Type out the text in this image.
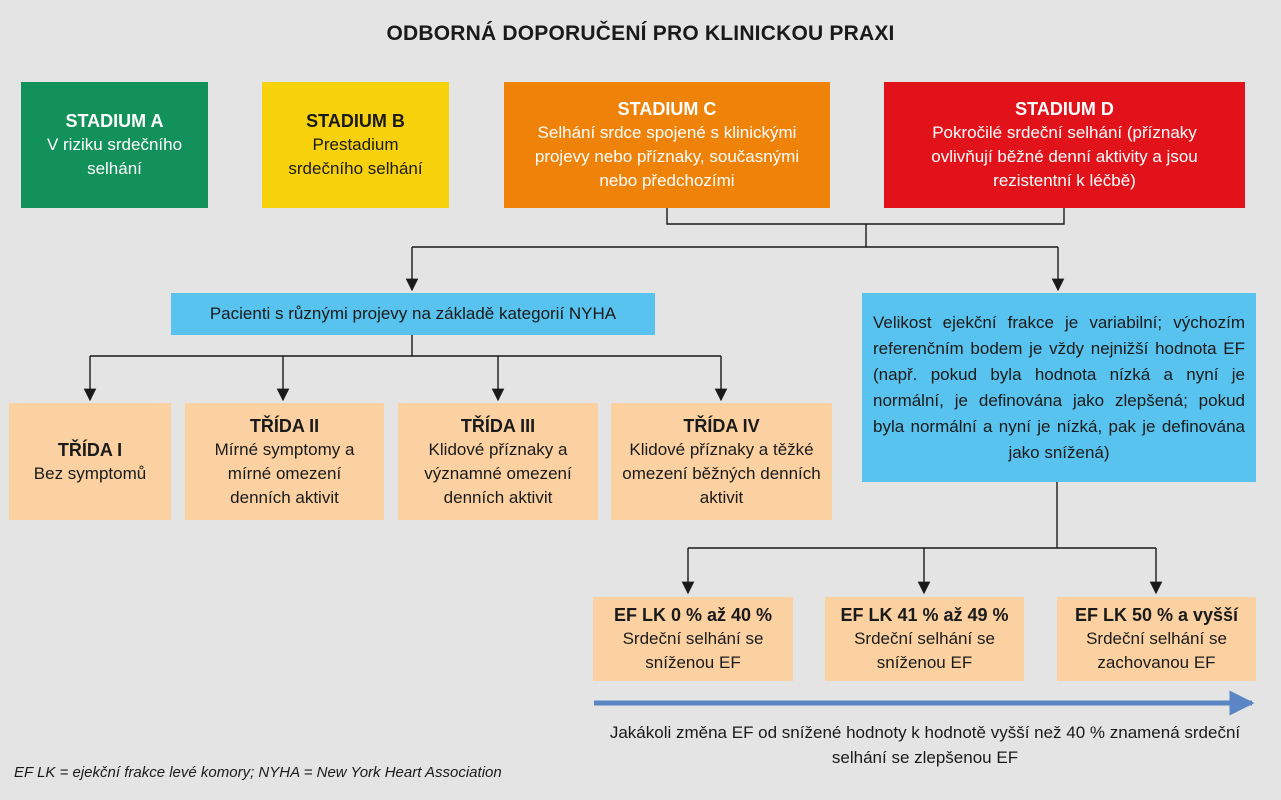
ODBORNÁ DOPORUČENÍ PRO KLINICKOU PRAXI
STADIUM A
V riziku srdečního selhání
STADIUM B
Prestadium srdečního selhání
STADIUM C
Selhání srdce spojené s klinickými projevy nebo příznaky, současnými nebo předchozími
STADIUM D
Pokročilé srdeční selhání (příznaky ovlivňují běžné denní aktivity a jsou rezistentní k léčbě)
Pacienti s různými projevy na základě kategorií NYHA
TŘÍDA I
Bez symptomů
TŘÍDA II
Mírné symptomy a mírné omezení denních aktivit
TŘÍDA III
Klidové příznaky a významné omezení denních aktivit
TŘÍDA IV
Klidové příznaky a těžké omezení běžných denních aktivit
Velikost ejekční frakce je variabilní; výchozím referenčním bodem je vždy nejnižší hodnota EF (např. pokud byla hodnota nízká a nyní je normální, je definována jako zlepšená; pokud byla normální a nyní je nízká, pak je definována jako snížená)
EF LK 0 % až 40 %
Srdeční selhání se sníženou EF
EF LK 41 % až 49 %
Srdeční selhání se sníženou EF
EF LK 50 % a vyšší
Srdeční selhání se zachovanou EF
Jakákoli změna EF od snížené hodnoty k hodnotě vyšší než 40 % znamená srdeční selhání se zlepšenou EF
EF LK = ejekční frakce levé komory; NYHA = New York Heart Association
